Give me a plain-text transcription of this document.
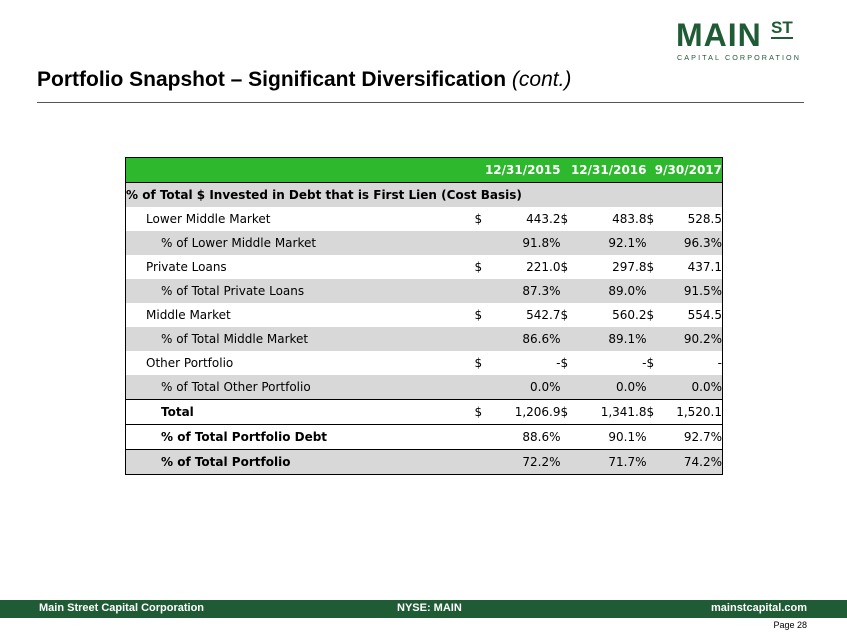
MAIN ST
CAPITAL CORPORATION
Portfolio Snapshot – Significant Diversification (cont.)
	12/31/2015		12/31/2016		9/30/2017	
% of Total $ Invested in Debt that is First Lien (Cost Basis)						
Lower Middle Market	$	443.2	$	483.8	$	528.5
% of Lower Middle Market		91.8%		92.1%		96.3%
Private Loans	$	221.0	$	297.8	$	437.1
% of Total Private Loans		87.3%		89.0%		91.5%
Middle Market	$	542.7	$	560.2	$	554.5
% of Total Middle Market		86.6%		89.1%		90.2%
Other Portfolio	$	-	$	-	$	-
% of Total Other Portfolio		0.0%		0.0%		0.0%
Total	$	1,206.9	$	1,341.8	$	1,520.1
% of Total Portfolio Debt		88.6%		90.1%		92.7%
% of Total Portfolio		72.2%		71.7%		74.2%
Main Street Capital Corporation	NYSE: MAIN	mainstcapital.com
Page 28
